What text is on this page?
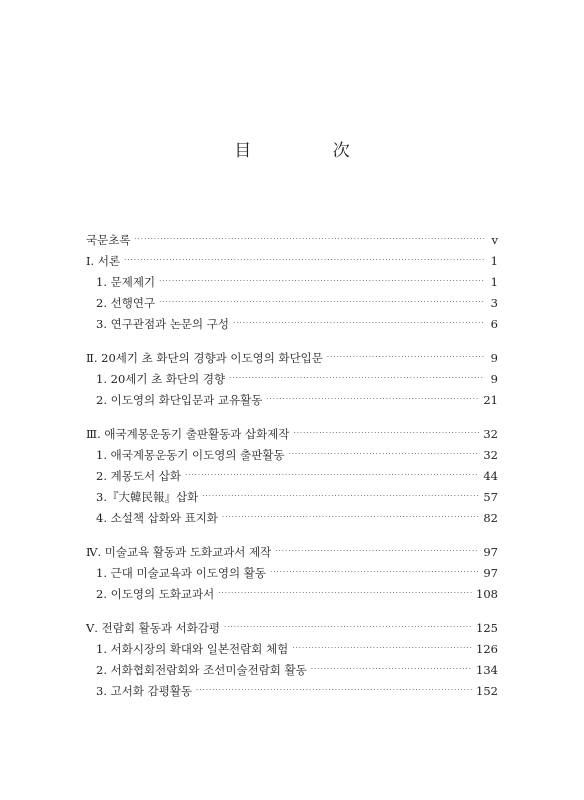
目 次
국문초록 ·····	v
Ⅰ. 서론 ·····	1
1. 문제제기 ·····	1
2. 선행연구 ·····	3
3. 연구관점과 논문의 구성 ·····	6
Ⅱ. 20세기 초 화단의 경향과 이도영의 화단입문 ·····	9
1. 20세기 초 화단의 경향 ·····	9
2. 이도영의 화단입문과 교유활동 ·····	21
Ⅲ. 애국계몽운동기 출판활동과 삽화제작 ·····	32
1. 애국계몽운동기 이도영의 출판활동 ·····	32
2. 계몽도서 삽화 ·····	44
3.『大韓民報』삽화 ·····	57
4. 소설책 삽화와 표지화 ·····	82
Ⅳ. 미술교육 활동과 도화교과서 제작 ·····	97
1. 근대 미술교육과 이도영의 활동 ·····	97
2. 이도영의 도화교과서 ·····	108
Ⅴ. 전람회 활동과 서화감평 ·····	125
1. 서화시장의 확대와 일본전람회 체험 ·····	126
2. 서화협회전람회와 조선미술전람회 활동 ·····	134
3. 고서화 감평활동 ·····	152
